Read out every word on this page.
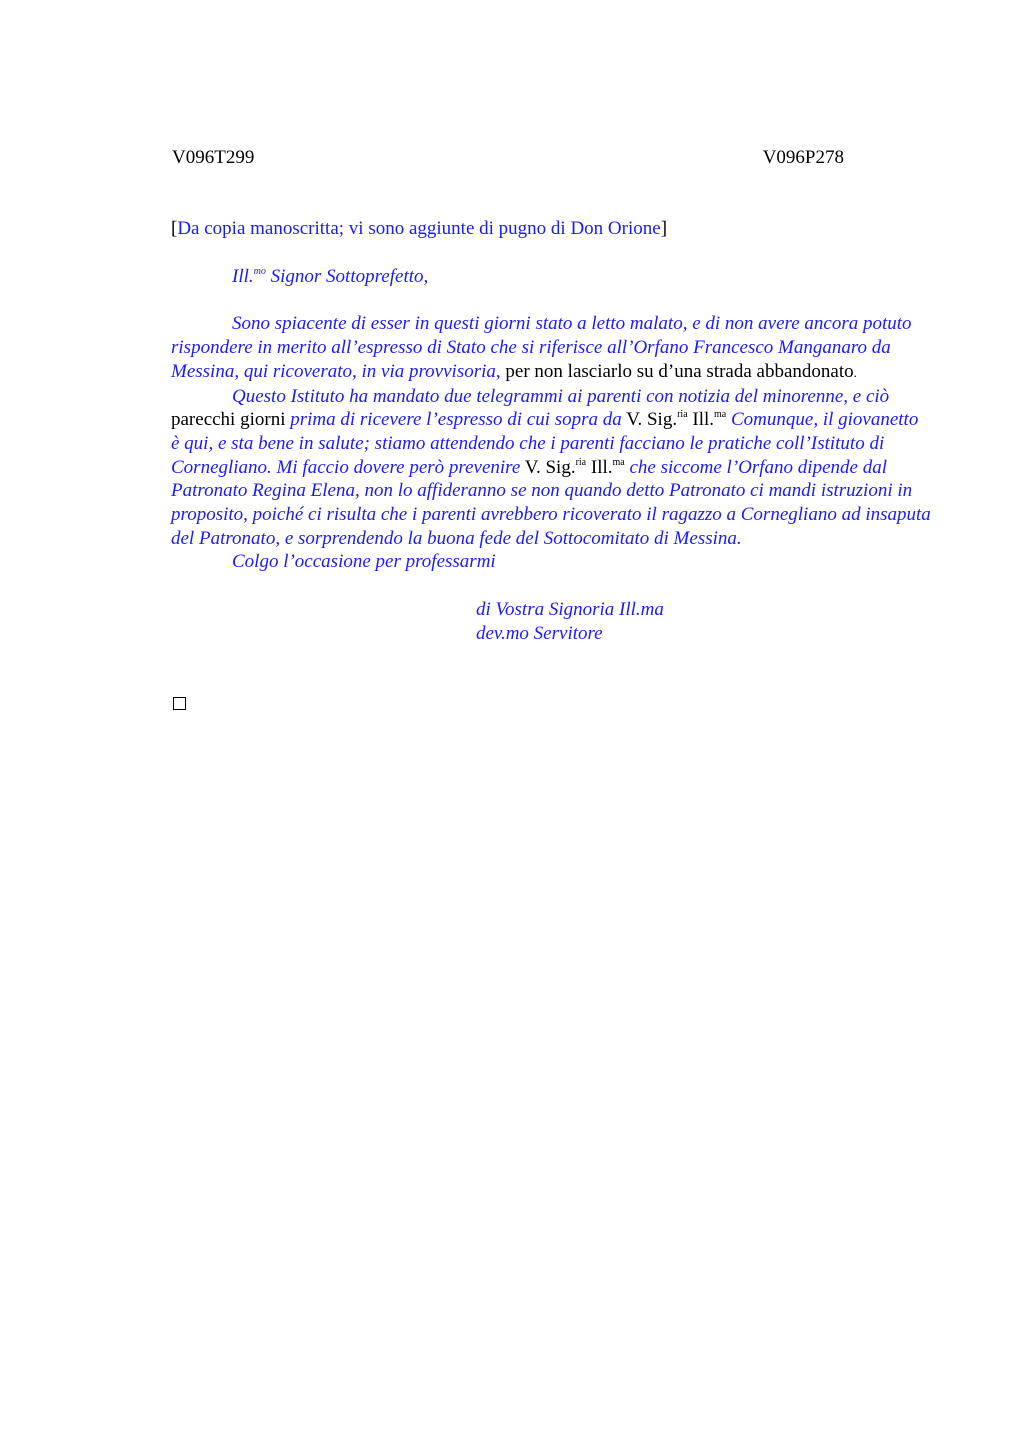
V096T299	V096P278

[Da copia manoscritta; vi sono aggiunte di pugno di Don Orione]

Ill.$^{mo}$ Signor Sottoprefetto,

Sono spiacente di esser in questi giorni stato a letto malato, e di non avere ancora potuto rispondere in merito all’espresso di Stato che si riferisce all’Orfano Francesco Manganaro da Messina, qui ricoverato, in via provvisoria, per non lasciarlo su d’una strada abbandonato.

Questo Istituto ha mandato due telegrammi ai parenti con notizia del minorenne, e ciò parecchi giorni prima di ricevere l’espresso di cui sopra da V. Sig.$^{ria}$ Ill.$^{ma}$ Comunque, il giovanetto è qui, e sta bene in salute; stiamo attendendo che i parenti facciano le pratiche coll’Istituto di Cornegliano. Mi faccio dovere però prevenire V. Sig.$^{ria}$ Ill.$^{ma}$ che siccome l’Orfano dipende dal Patronato Regina Elena, non lo affideranno se non quando detto Patronato ci mandi istruzioni in proposito, poiché ci risulta che i parenti avrebbero ricoverato il ragazzo a Cornegliano ad insaputa del Patronato, e sorprendendo la buona fede del Sottocomitato di Messina.

Colgo l’occasione per professarmi

di Vostra Signoria Ill.ma
dev.mo Servitore
